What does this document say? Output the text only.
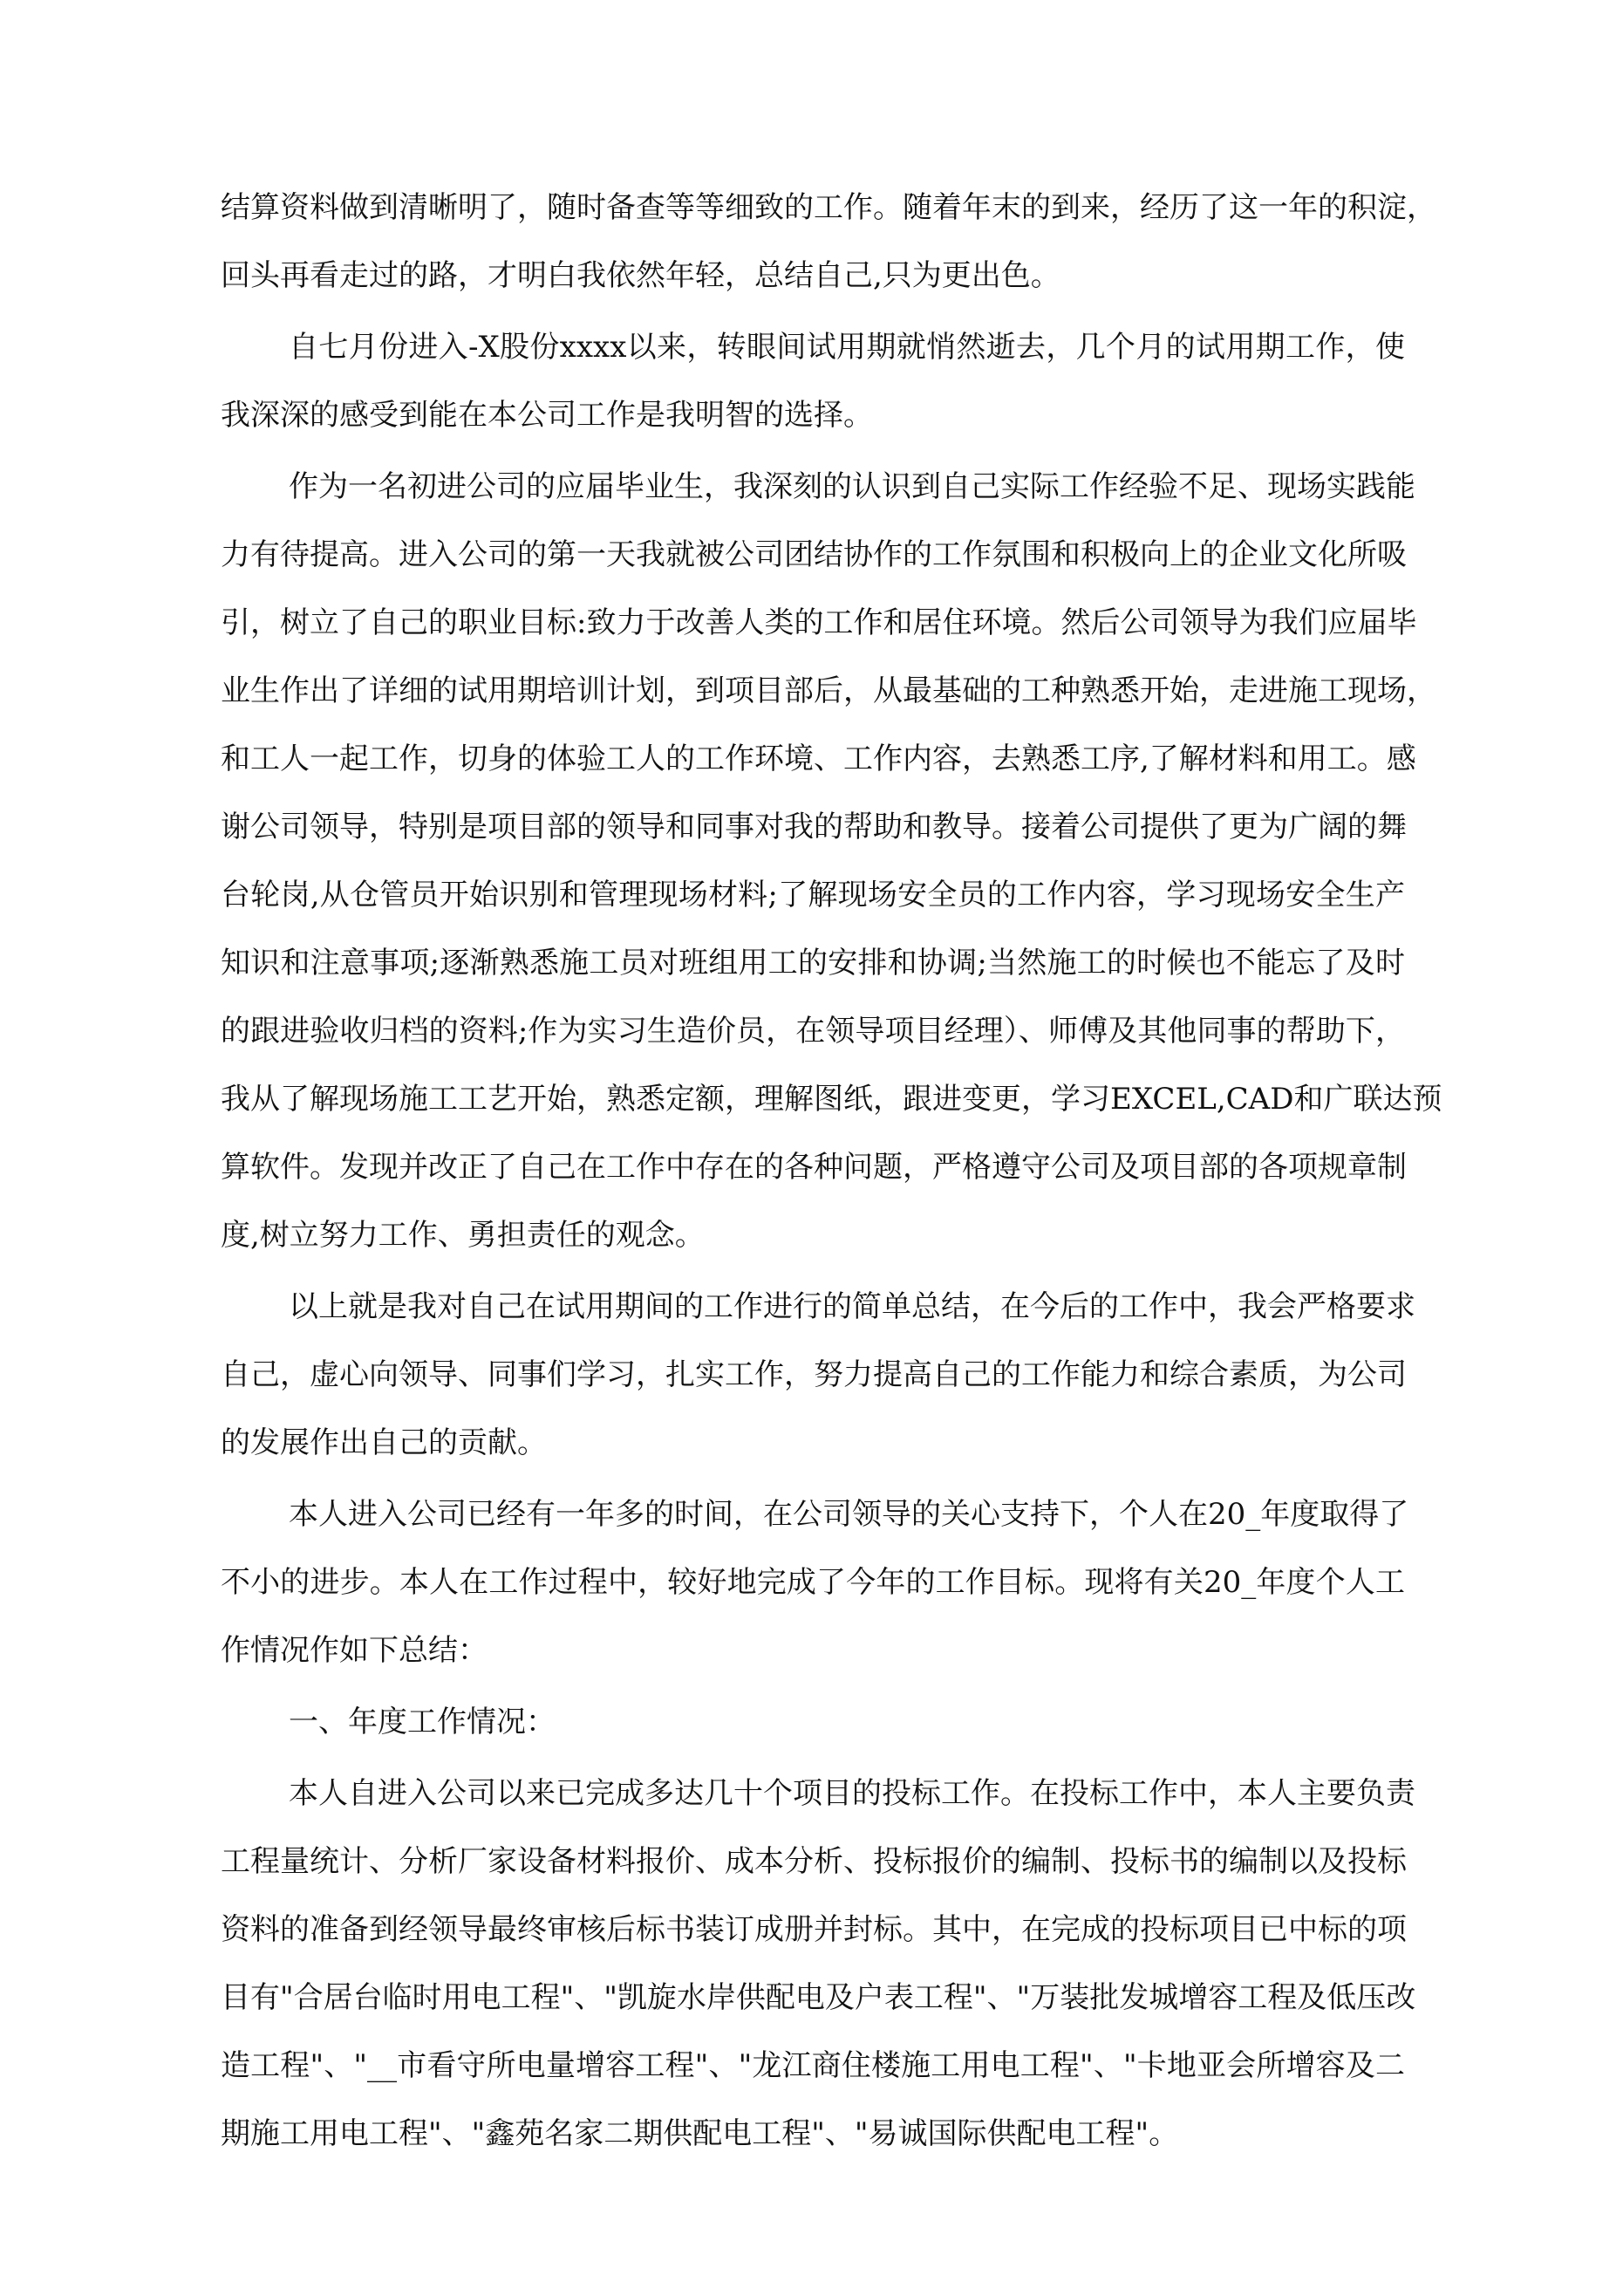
结算资料做到清晰明了，随时备查等等细致的工作。随着年末的到来，经历了这一年的积淀，
回头再看走过的路，才明白我依然年轻，总结自己,只为更出色。
自七月份进入-X股份xxxx以来，转眼间试用期就悄然逝去，几个月的试用期工作，使
我深深的感受到能在本公司工作是我明智的选择。
作为一名初进公司的应届毕业生，我深刻的认识到自己实际工作经验不足、现场实践能
力有待提高。进入公司的第一天我就被公司团结协作的工作氛围和积极向上的企业文化所吸
引，树立了自己的职业目标:致力于改善人类的工作和居住环境。然后公司领导为我们应届毕
业生作出了详细的试用期培训计划，到项目部后，从最基础的工种熟悉开始，走进施工现场，
和工人一起工作，切身的体验工人的工作环境、工作内容，去熟悉工序,了解材料和用工。感
谢公司领导，特别是项目部的领导和同事对我的帮助和教导。接着公司提供了更为广阔的舞
台轮岗,从仓管员开始识别和管理现场材料;了解现场安全员的工作内容，学习现场安全生产
知识和注意事项;逐渐熟悉施工员对班组用工的安排和协调;当然施工的时候也不能忘了及时
的跟进验收归档的资料;作为实习生造价员，在领导项目经理）、师傅及其他同事的帮助下，
我从了解现场施工工艺开始，熟悉定额，理解图纸，跟进变更，学习EXCEL,CAD和广联达预
算软件。发现并改正了自己在工作中存在的各种问题，严格遵守公司及项目部的各项规章制
度,树立努力工作、勇担责任的观念。
以上就是我对自己在试用期间的工作进行的简单总结，在今后的工作中，我会严格要求
自己，虚心向领导、同事们学习，扎实工作，努力提高自己的工作能力和综合素质，为公司
的发展作出自己的贡献。
本人进入公司已经有一年多的时间，在公司领导的关心支持下，个人在20_年度取得了
不小的进步。本人在工作过程中，较好地完成了今年的工作目标。现将有关20_年度个人工
作情况作如下总结：
一、年度工作情况：
本人自进入公司以来已完成多达几十个项目的投标工作。在投标工作中，本人主要负责
工程量统计、分析厂家设备材料报价、成本分析、投标报价的编制、投标书的编制以及投标
资料的准备到经领导最终审核后标书装订成册并封标。其中，在完成的投标项目已中标的项
目有"合居台临时用电工程"、"凯旋水岸供配电及户表工程"、"万装批发城增容工程及低压改
造工程"、"__市看守所电量增容工程"、"龙江商住楼施工用电工程"、"卡地亚会所增容及二
期施工用电工程"、"鑫苑名家二期供配电工程"、"易诚国际供配电工程"。
